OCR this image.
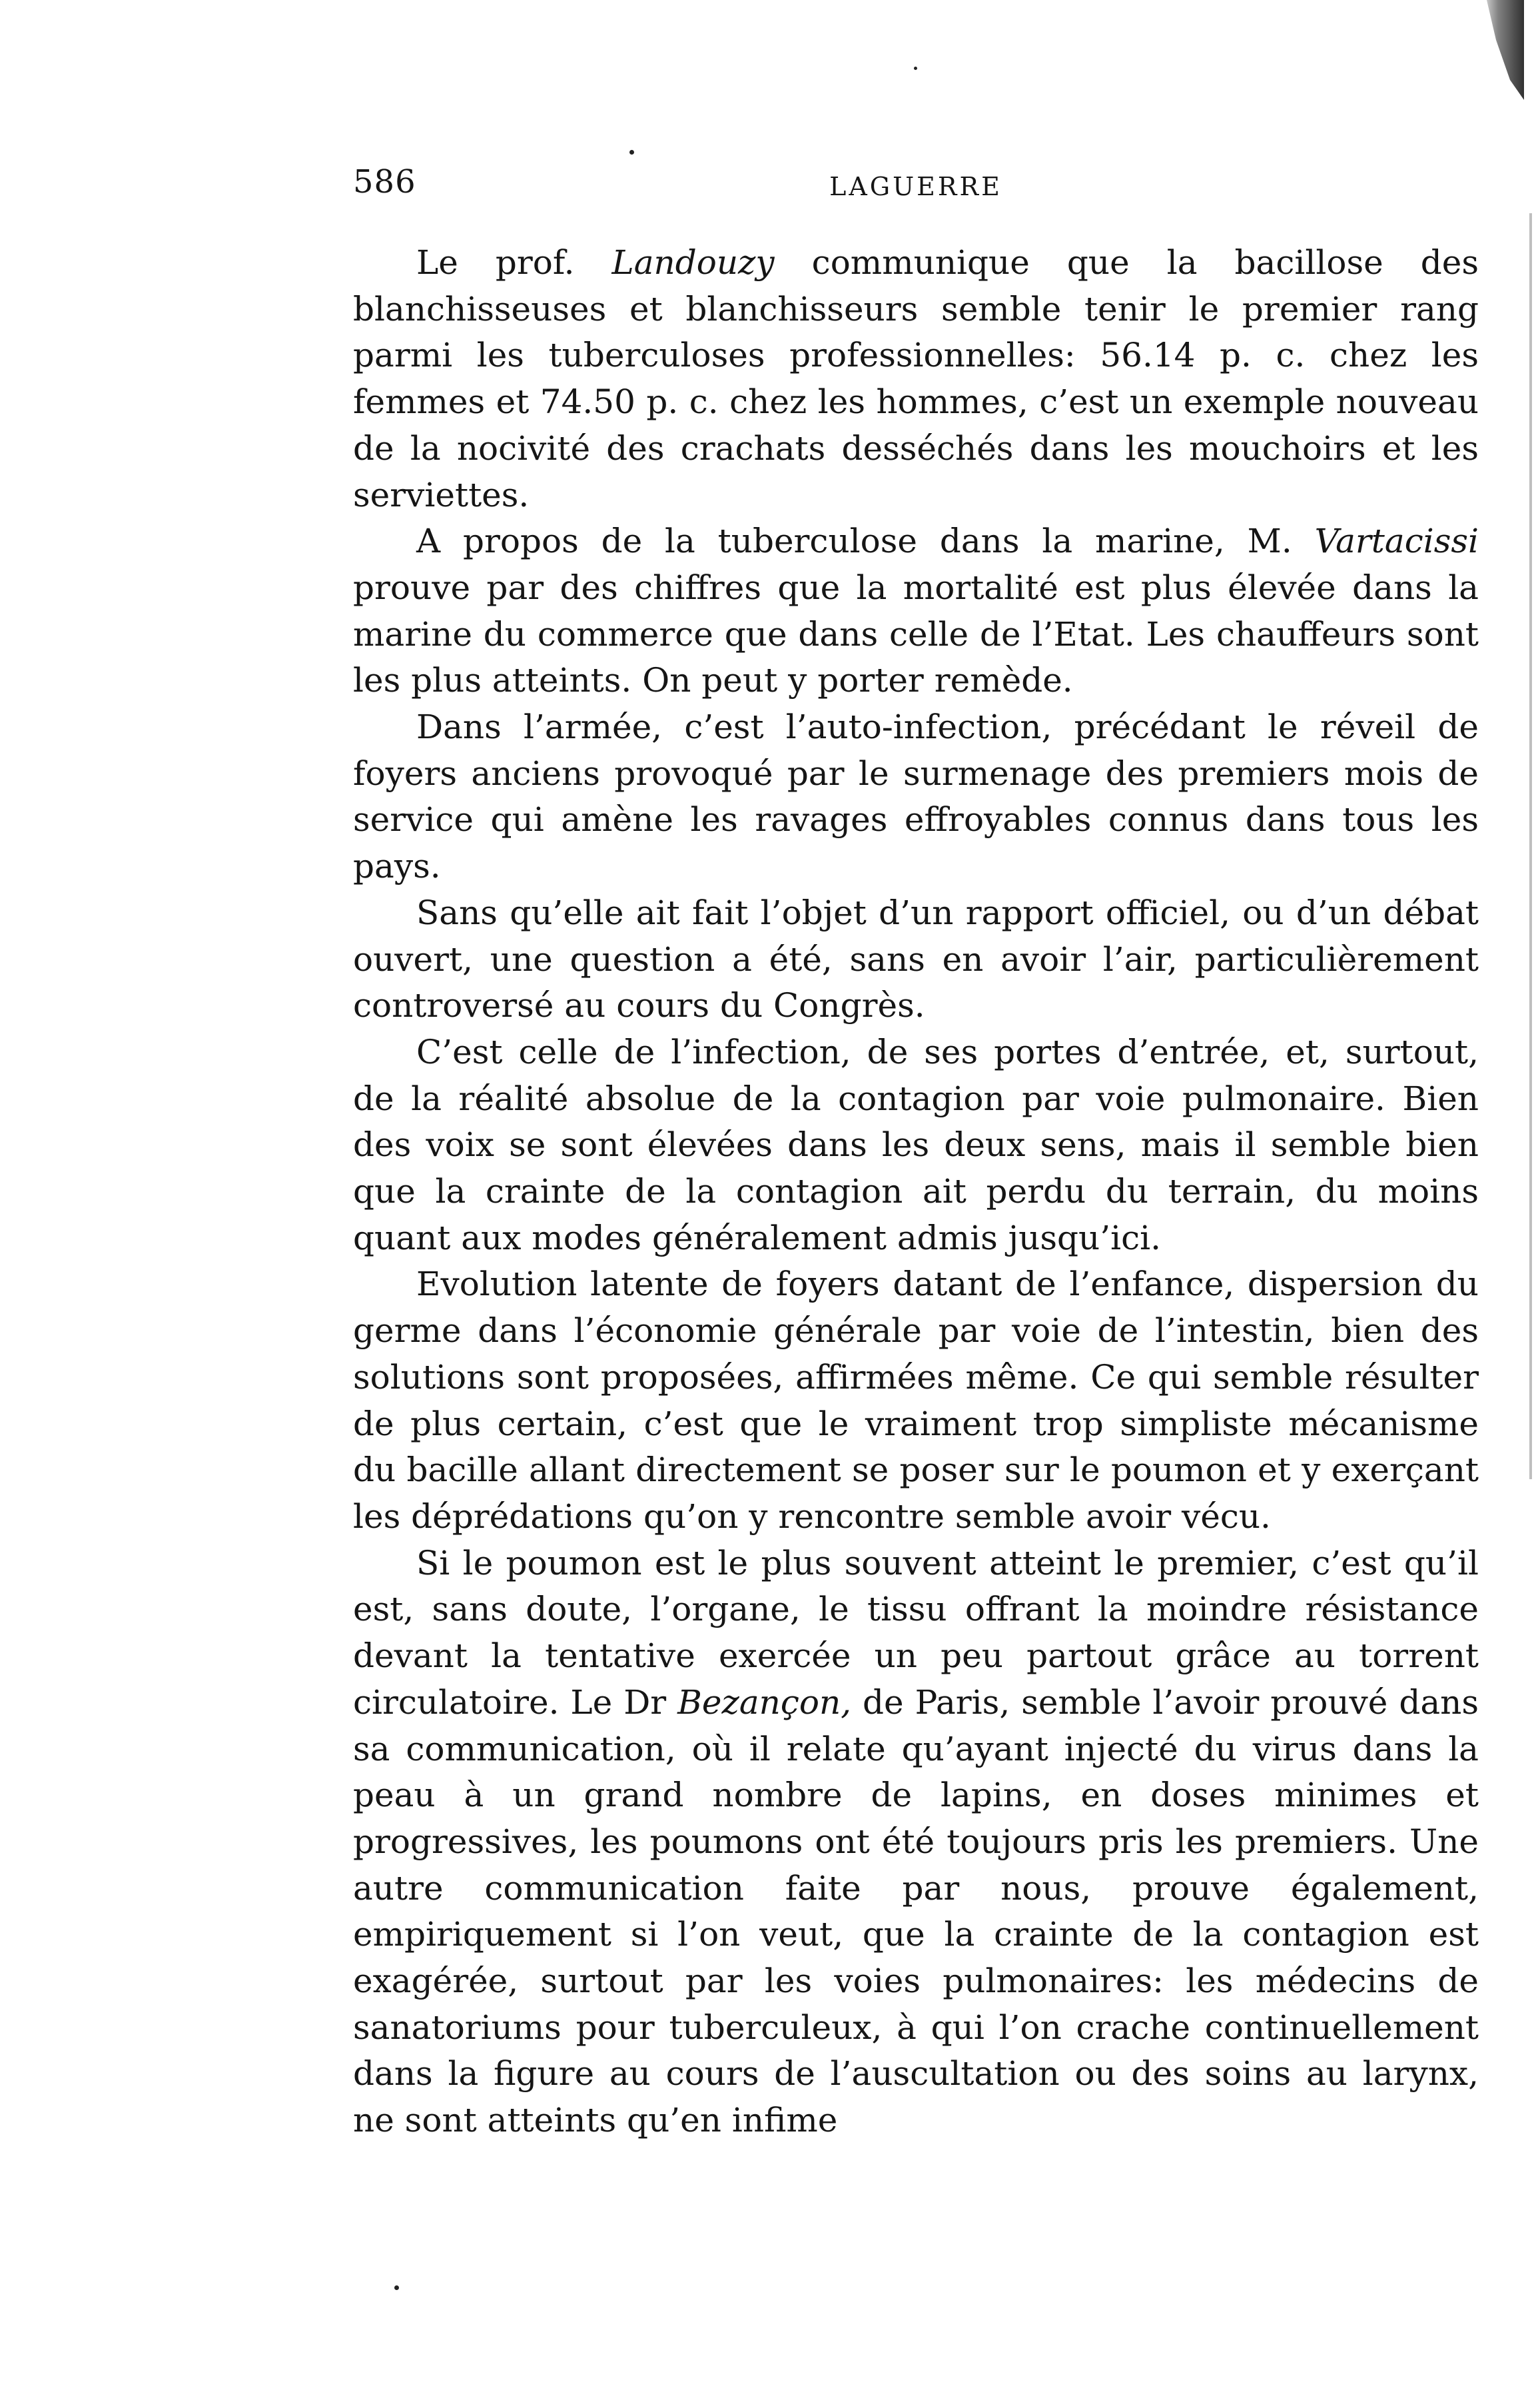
586	LAGUERRE

Le prof. Landouzy communique que la bacillose des blanchisseuses et blanchisseurs semble tenir le premier rang parmi les tuberculoses professionnelles: 56.14 p. c. chez les femmes et 74.50 p. c. chez les hommes, c’est un exemple nouveau de la nocivité des crachats desséchés dans les mouchoirs et les serviettes.

A propos de la tuberculose dans la marine, M. Vartacissi prouve par des chiffres que la mortalité est plus élevée dans la marine du commerce que dans celle de l’Etat. Les chauffeurs sont les plus atteints. On peut y porter remède.

Dans l’armée, c’est l’auto-infection, précédant le réveil de foyers anciens provoqué par le surmenage des premiers mois de service qui amène les ravages effroyables connus dans tous les pays.

Sans qu’elle ait fait l’objet d’un rapport officiel, ou d’un débat ouvert, une question a été, sans en avoir l’air, particulièrement controversé au cours du Congrès.

C’est celle de l’infection, de ses portes d’entrée, et, surtout, de la réalité absolue de la contagion par voie pulmonaire. Bien des voix se sont élevées dans les deux sens, mais il semble bien que la crainte de la contagion ait perdu du terrain, du moins quant aux modes généralement admis jusqu’ici.

Evolution latente de foyers datant de l’enfance, dispersion du germe dans l’économie générale par voie de l’intestin, bien des solutions sont proposées, affirmées même. Ce qui semble résulter de plus certain, c’est que le vraiment trop simpliste mécanisme du bacille allant directement se poser sur le poumon et y exerçant les déprédations qu’on y rencontre semble avoir vécu.

Si le poumon est le plus souvent atteint le premier, c’est qu’il est, sans doute, l’organe, le tissu offrant la moindre résistance devant la tentative exercée un peu partout grâce au torrent circulatoire. Le Dr Bezançon, de Paris, semble l’avoir prouvé dans sa communication, où il relate qu’ayant injecté du virus dans la peau à un grand nombre de lapins, en doses minimes et progressives, les poumons ont été toujours pris les premiers. Une autre communication faite par nous, prouve également, empiriquement si l’on veut, que la crainte de la contagion est exagérée, surtout par les voies pulmonaires: les médecins de sanatoriums pour tuberculeux, à qui l’on crache continuellement dans la figure au cours de l’auscultation ou des soins au larynx, ne sont atteints qu’en infime
